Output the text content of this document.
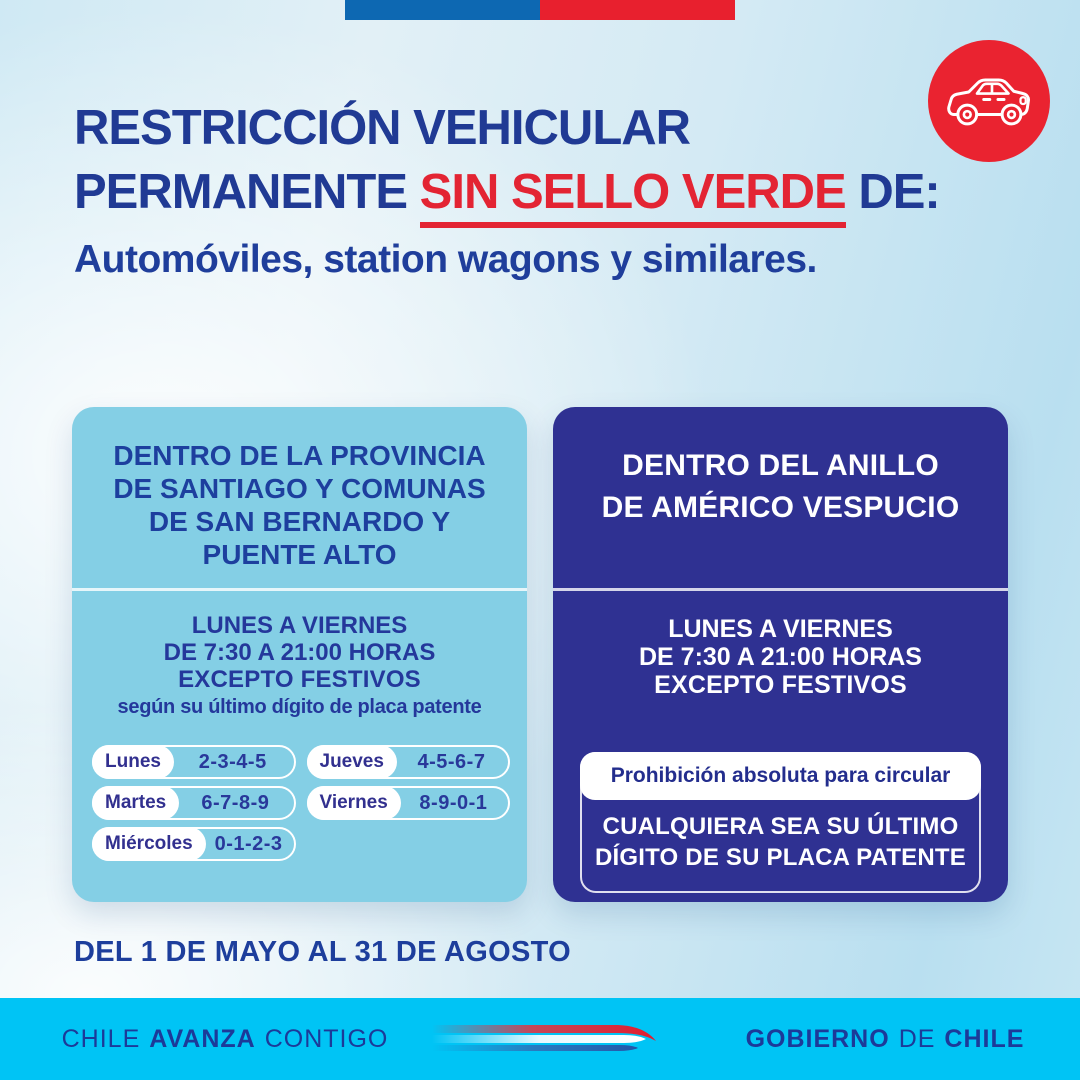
RESTRICCIÓN VEHICULAR
PERMANENTE SIN SELLO VERDE DE:
Automóviles, station wagons y similares.
DENTRO DE LA PROVINCIA
DE SANTIAGO Y COMUNAS
DE SAN BERNARDO Y
PUENTE ALTO
LUNES A VIERNES
DE 7:30 A 21:00 HORAS
EXCEPTO FESTIVOS
según su último dígito de placa patente
Lunes	2-3-4-5
Martes	6-7-8-9
Miércoles	0-1-2-3
Jueves	4-5-6-7
Viernes	8-9-0-1
DENTRO DEL ANILLO
DE AMÉRICO VESPUCIO
LUNES A VIERNES
DE 7:30 A 21:00 HORAS
EXCEPTO FESTIVOS
Prohibición absoluta para circular
CUALQUIERA SEA SU ÚLTIMO
DÍGITO DE SU PLACA PATENTE
DEL 1 DE MAYO AL 31 DE AGOSTO
CHILE AVANZA CONTIGO	GOBIERNO DE CHILE
